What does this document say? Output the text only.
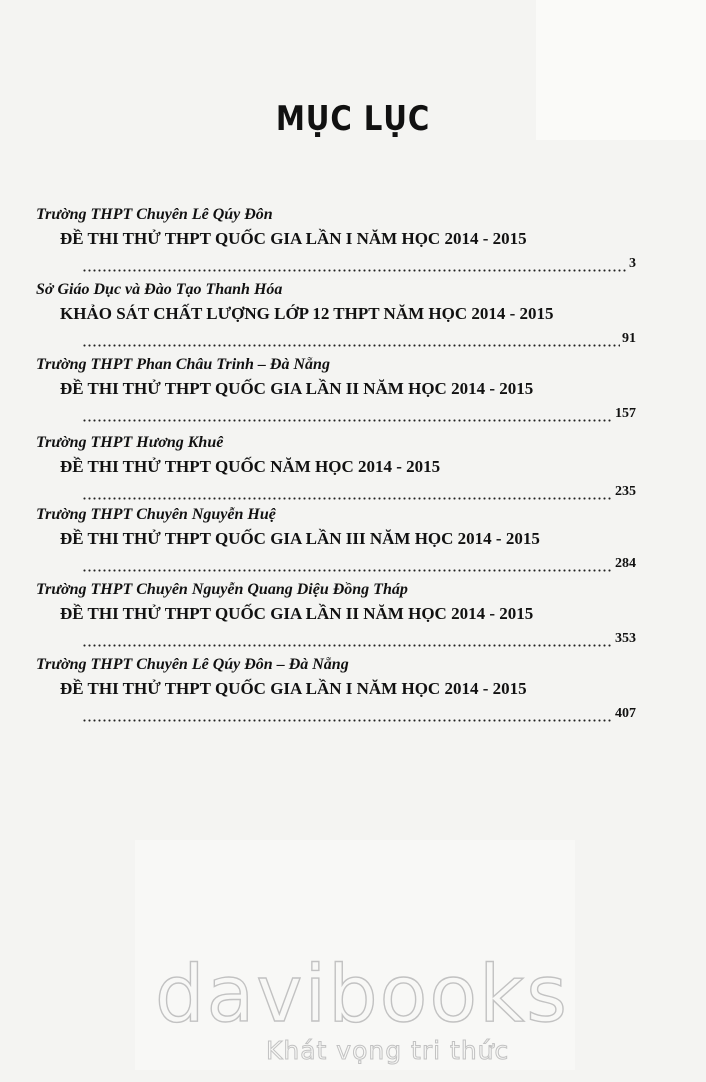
MỤC LỤC
Trường THPT Chuyên Lê Qúy Đôn
ĐỀ THI THỬ THPT QUỐC GIA LẦN I NĂM HỌC 2014 - 2015
3
Sở Giáo Dục và Đào Tạo Thanh Hóa
KHẢO SÁT CHẤT LƯỢNG LỚP 12 THPT NĂM HỌC 2014 - 2015
91
Trường THPT Phan Châu Trinh – Đà Nẵng
ĐỀ THI THỬ THPT QUỐC GIA LẦN II NĂM HỌC 2014 - 2015
157
Trường THPT Hương Khuê
ĐỀ THI THỬ THPT QUỐC NĂM HỌC 2014 - 2015
235
Trường THPT Chuyên Nguyễn Huệ
ĐỀ THI THỬ THPT QUỐC GIA LẦN III NĂM HỌC 2014 - 2015
284
Trường THPT Chuyên Nguyễn Quang Diệu Đồng Tháp
ĐỀ THI THỬ THPT QUỐC GIA LẦN II NĂM HỌC 2014 - 2015
353
Trường THPT Chuyên Lê Qúy Đôn – Đà Nẵng
ĐỀ THI THỬ THPT QUỐC GIA LẦN I NĂM HỌC 2014 - 2015
407
davibooks
Khát vọng tri thức
